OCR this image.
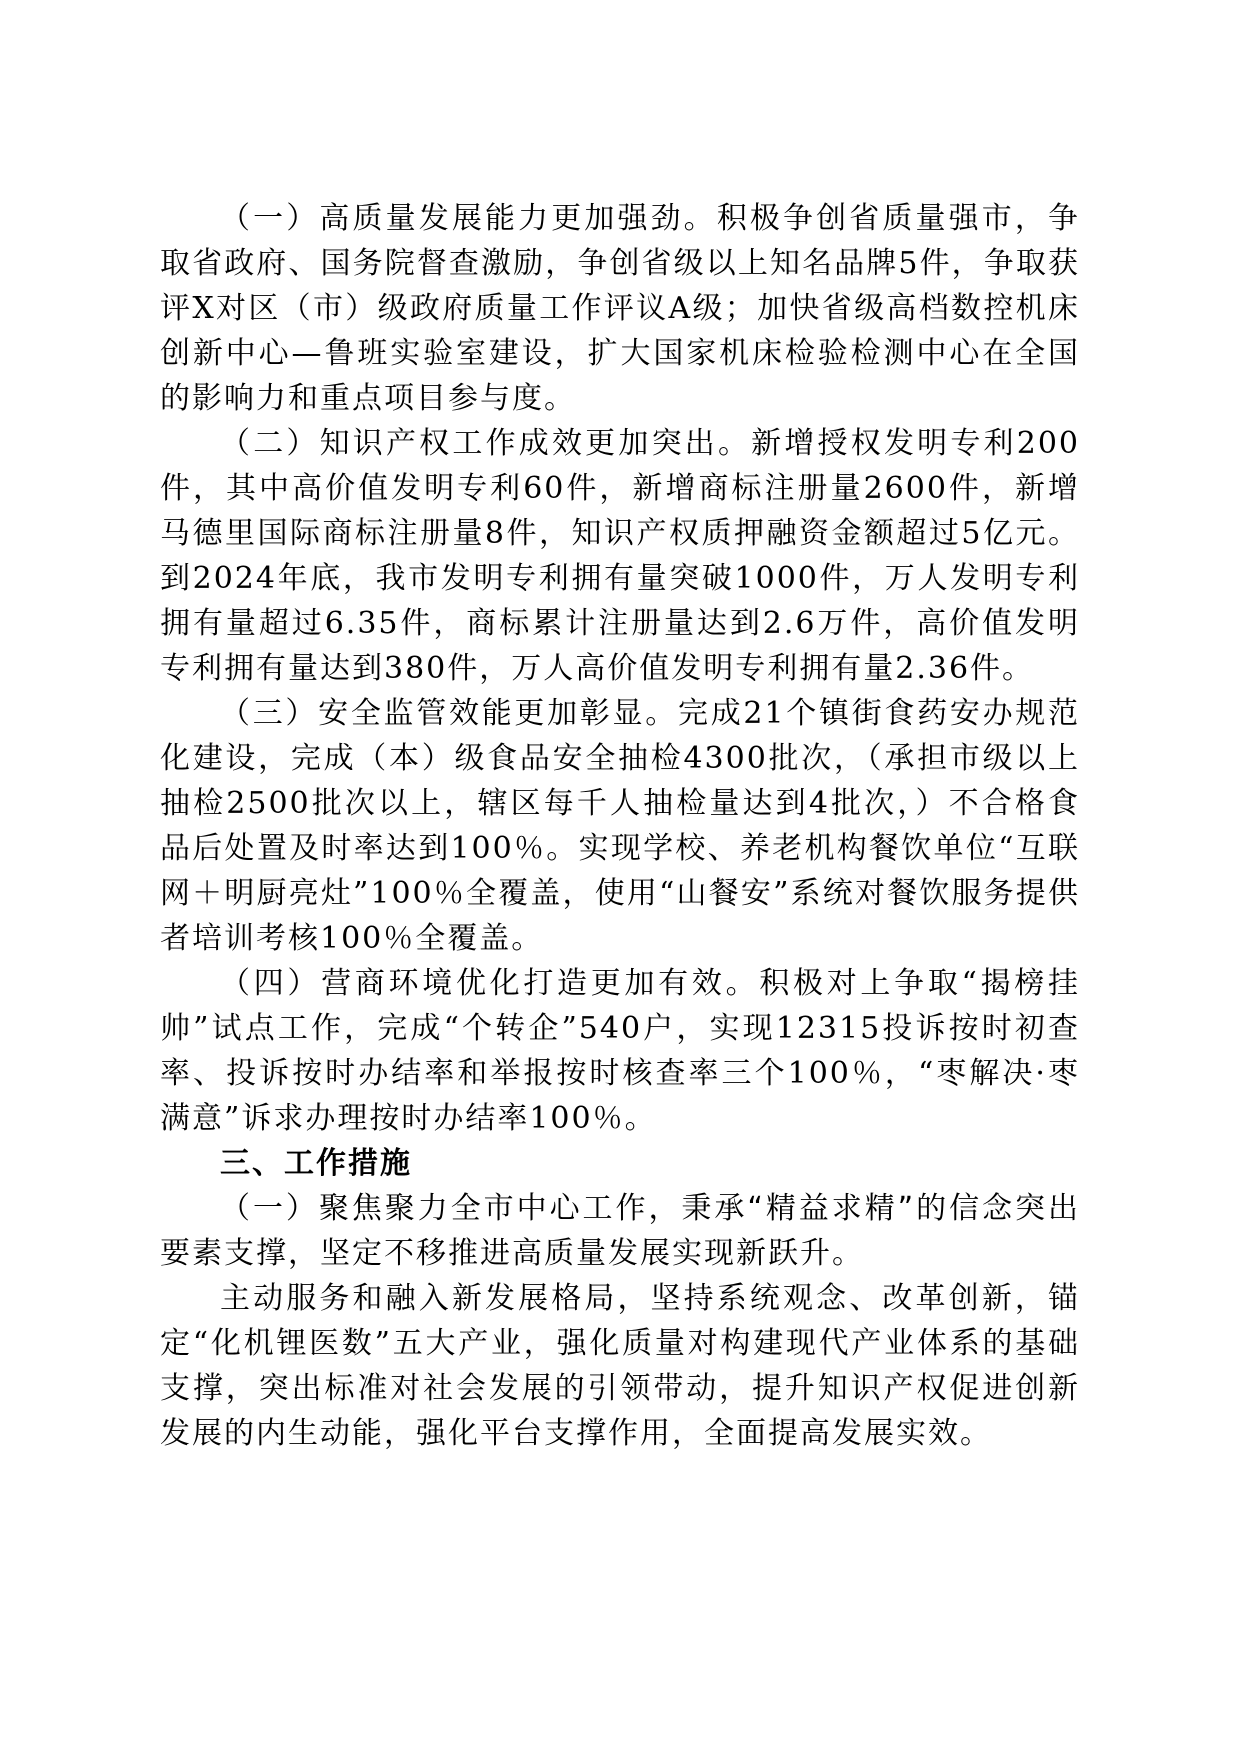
（一）高质量发展能力更加强劲。积极争创省质量强市，争取省政府、国务院督查激励，争创省级以上知名品牌5件，争取获评X对区（市）级政府质量工作评议A级；加快省级高档数控机床创新中心—鲁班实验室建设，扩大国家机床检验检测中心在全国的影响力和重点项目参与度。

（二）知识产权工作成效更加突出。新增授权发明专利200件，其中高价值发明专利60件，新增商标注册量2600件，新增马德里国际商标注册量8件，知识产权质押融资金额超过5亿元。到2024年底，我市发明专利拥有量突破1000件，万人发明专利拥有量超过6.35件，商标累计注册量达到2.6万件，高价值发明专利拥有量达到380件，万人高价值发明专利拥有量2.36件。

（三）安全监管效能更加彰显。完成21个镇街食药安办规范化建设，完成（本）级食品安全抽检4300批次，（承担市级以上抽检2500批次以上，辖区每千人抽检量达到4批次，）不合格食品后处置及时率达到100％。实现学校、养老机构餐饮单位“互联网＋明厨亮灶”100％全覆盖，使用“山餐安”系统对餐饮服务提供者培训考核100％全覆盖。

（四）营商环境优化打造更加有效。积极对上争取“揭榜挂帅”试点工作，完成“个转企”540户，实现12315投诉按时初查率、投诉按时办结率和举报按时核查率三个100％，“枣解决·枣满意”诉求办理按时办结率100％。

三、工作措施

（一）聚焦聚力全市中心工作，秉承“精益求精”的信念突出要素支撑，坚定不移推进高质量发展实现新跃升。

主动服务和融入新发展格局，坚持系统观念、改革创新，锚定“化机锂医数”五大产业，强化质量对构建现代产业体系的基础支撑，突出标准对社会发展的引领带动，提升知识产权促进创新发展的内生动能，强化平台支撑作用，全面提高发展实效。
